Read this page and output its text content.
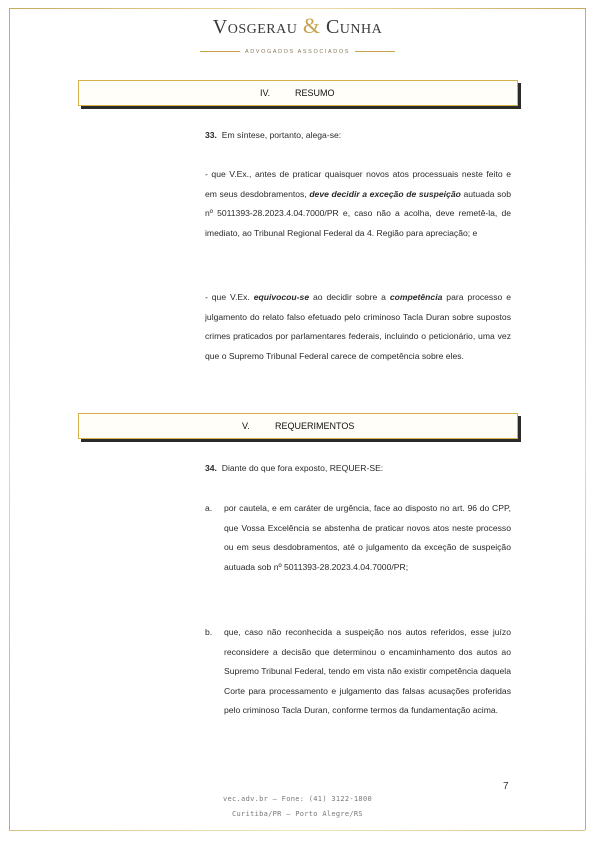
Vosgerau & Cunha
ADVOGADOS ASSOCIADOS
IV.	RESUMO
33. Em síntese, portanto, alega-se:
- que V.Ex., antes de praticar quaisquer novos atos processuais neste feito e em seus desdobramentos, deve decidir a exceção de suspeição autuada sob nº 5011393-28.2023.4.04.7000/PR e, caso não a acolha, deve remetê-la, de imediato, ao Tribunal Regional Federal da 4. Região para apreciação; e
- que V.Ex. equivocou-se ao decidir sobre a competência para processo e julgamento do relato falso efetuado pelo criminoso Tacla Duran sobre supostos crimes praticados por parlamentares federais, incluindo o peticionário, uma vez que o Supremo Tribunal Federal carece de competência sobre eles.
V.	REQUERIMENTOS
34. Diante do que fora exposto, REQUER-SE:
a. por cautela, e em caráter de urgência, face ao disposto no art. 96 do CPP, que Vossa Excelência se abstenha de praticar novos atos neste processo ou em seus desdobramentos, até o julgamento da exceção de suspeição autuada sob nº 5011393-28.2023.4.04.7000/PR;
b. que, caso não reconhecida a suspeição nos autos referidos, esse juízo reconsidere a decisão que determinou o encaminhamento dos autos ao Supremo Tribunal Federal, tendo em vista não existir competência daquela Corte para processamento e julgamento das falsas acusações proferidas pelo criminoso Tacla Duran, conforme termos da fundamentação acima.
7
vec.adv.br – Fone: (41) 3122-1800
Curitiba/PR – Porto Alegre/RS
